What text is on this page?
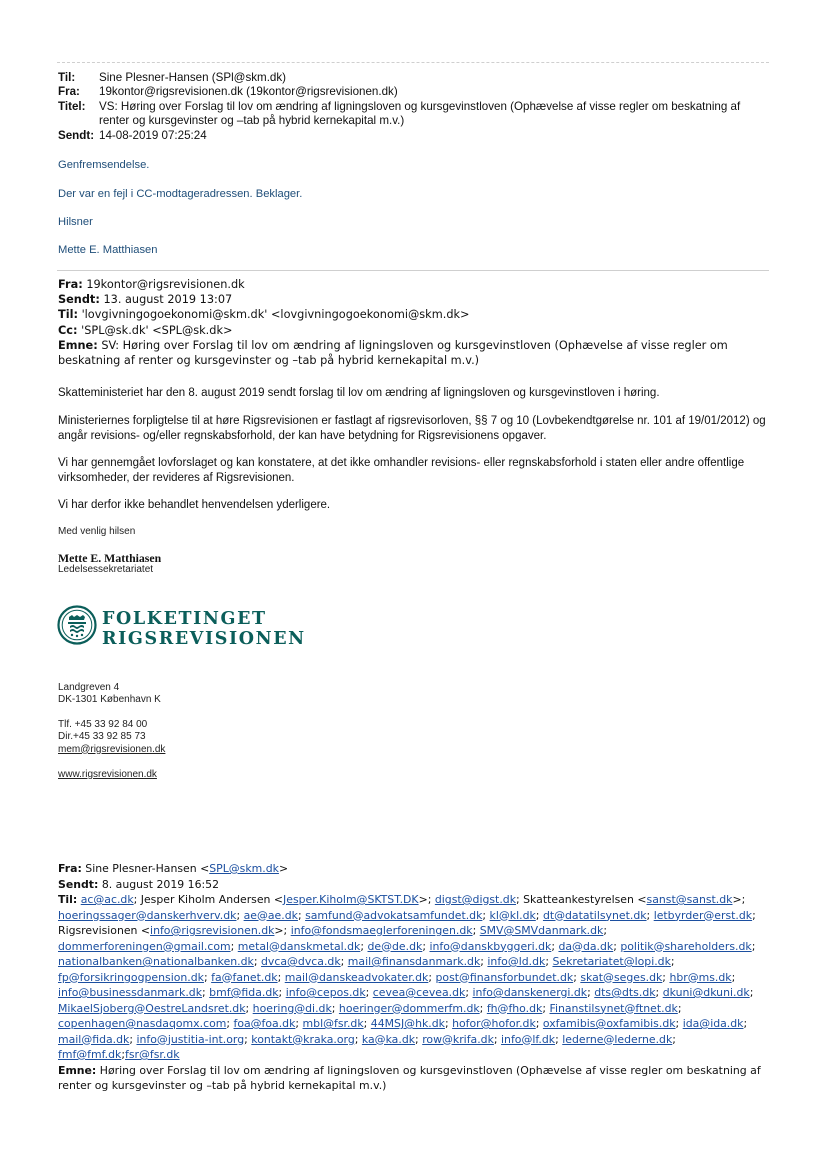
Til:	Sine Plesner-Hansen (SPl@skm.dk)
Fra:	19kontor@rigsrevisionen.dk (19kontor@rigsrevisionen.dk)
Titel:	VS: Høring over Forslag til lov om ændring af ligningsloven og kursgevinstloven (Ophævelse af visse regler om beskatning af renter og kursgevinster og –tab på hybrid kernekapital m.v.)
Sendt: 14-08-2019 07:25:24
Genfremsendelse.
Der var en fejl i CC-modtageradressen. Beklager.
Hilsner
Mette E. Matthiasen
Fra: 19kontor@rigsrevisionen.dk
Sendt: 13. august 2019 13:07
Til: 'lovgivningogoekonomi@skm.dk' <lovgivningogoekonomi@skm.dk>
Cc: 'SPL@sk.dk' <SPL@sk.dk>
Emne: SV: Høring over Forslag til lov om ændring af ligningsloven og kursgevinstloven (Ophævelse af visse regler om beskatning af renter og kursgevinster og –tab på hybrid kernekapital m.v.)
Skatteministeriet har den 8. august 2019 sendt forslag til lov om ændring af ligningsloven og kursgevinstloven i høring.
Ministeriernes forpligtelse til at høre Rigsrevisionen er fastlagt af rigsrevisorloven, §§ 7 og 10 (Lovbekendtgørelse nr. 101 af 19/01/2012) og angår revisions- og/eller regnskabsforhold, der kan have betydning for Rigsrevisionens opgaver.
Vi har gennemgået lovforslaget og kan konstatere, at det ikke omhandler revisions- eller regnskabsforhold i staten eller andre offentlige virksomheder, der revideres af Rigsrevisionen.
Vi har derfor ikke behandlet henvendelsen yderligere.
Med venlig hilsen
Mette E. Matthiasen
Ledelsessekretariatet
FOLKETINGET
RIGSREVISIONEN
Landgreven 4
DK-1301 København K
Tlf. +45 33 92 84 00
Dir.+45 33 92 85 73
mem@rigsrevisionen.dk
www.rigsrevisionen.dk
Fra: Sine Plesner-Hansen <SPL@skm.dk>
Sendt: 8. august 2019 16:52
Til: ac@ac.dk; Jesper Kiholm Andersen <Jesper.Kiholm@SKTST.DK>; digst@digst.dk; Skatteankestyrelsen <sanst@sanst.dk>; hoeringssager@danskerhverv.dk; ae@ae.dk; samfund@advokatsamfundet.dk; kl@kl.dk; dt@datatilsynet.dk; letbyrder@erst.dk; Rigsrevisionen <info@rigsrevisionen.dk>; info@fondsmaeglerforeningen.dk; SMV@SMVdanmark.dk; dommerforeningen@gmail.com; metal@danskmetal.dk; de@de.dk; info@danskbyggeri.dk; da@da.dk; politik@shareholders.dk; nationalbanken@nationalbanken.dk; dvca@dvca.dk; mail@finansdanmark.dk; info@ld.dk; Sekretariatet@lopi.dk; fp@forsikringogpension.dk; fa@fanet.dk; mail@danskeadvokater.dk; post@finansforbundet.dk; skat@seges.dk; hbr@ms.dk; info@businessdanmark.dk; bmf@fida.dk; info@cepos.dk; cevea@cevea.dk; info@danskenergi.dk; dts@dts.dk; dkuni@dkuni.dk; MikaelSjoberg@OestreLandsret.dk; hoering@di.dk; hoeringer@dommerfm.dk; fh@fho.dk; Finanstilsynet@ftnet.dk; copenhagen@nasdaqomx.com; foa@foa.dk; mbl@fsr.dk; 44MSJ@hk.dk; hofor@hofor.dk; oxfamibis@oxfamibis.dk; ida@ida.dk; mail@fida.dk; info@justitia-int.org; kontakt@kraka.org; ka@ka.dk; row@krifa.dk; info@lf.dk; lederne@lederne.dk; fmf@fmf.dk;fsr@fsr.dk
Emne: Høring over Forslag til lov om ændring af ligningsloven og kursgevinstloven (Ophævelse af visse regler om beskatning af renter og kursgevinster og –tab på hybrid kernekapital m.v.)
